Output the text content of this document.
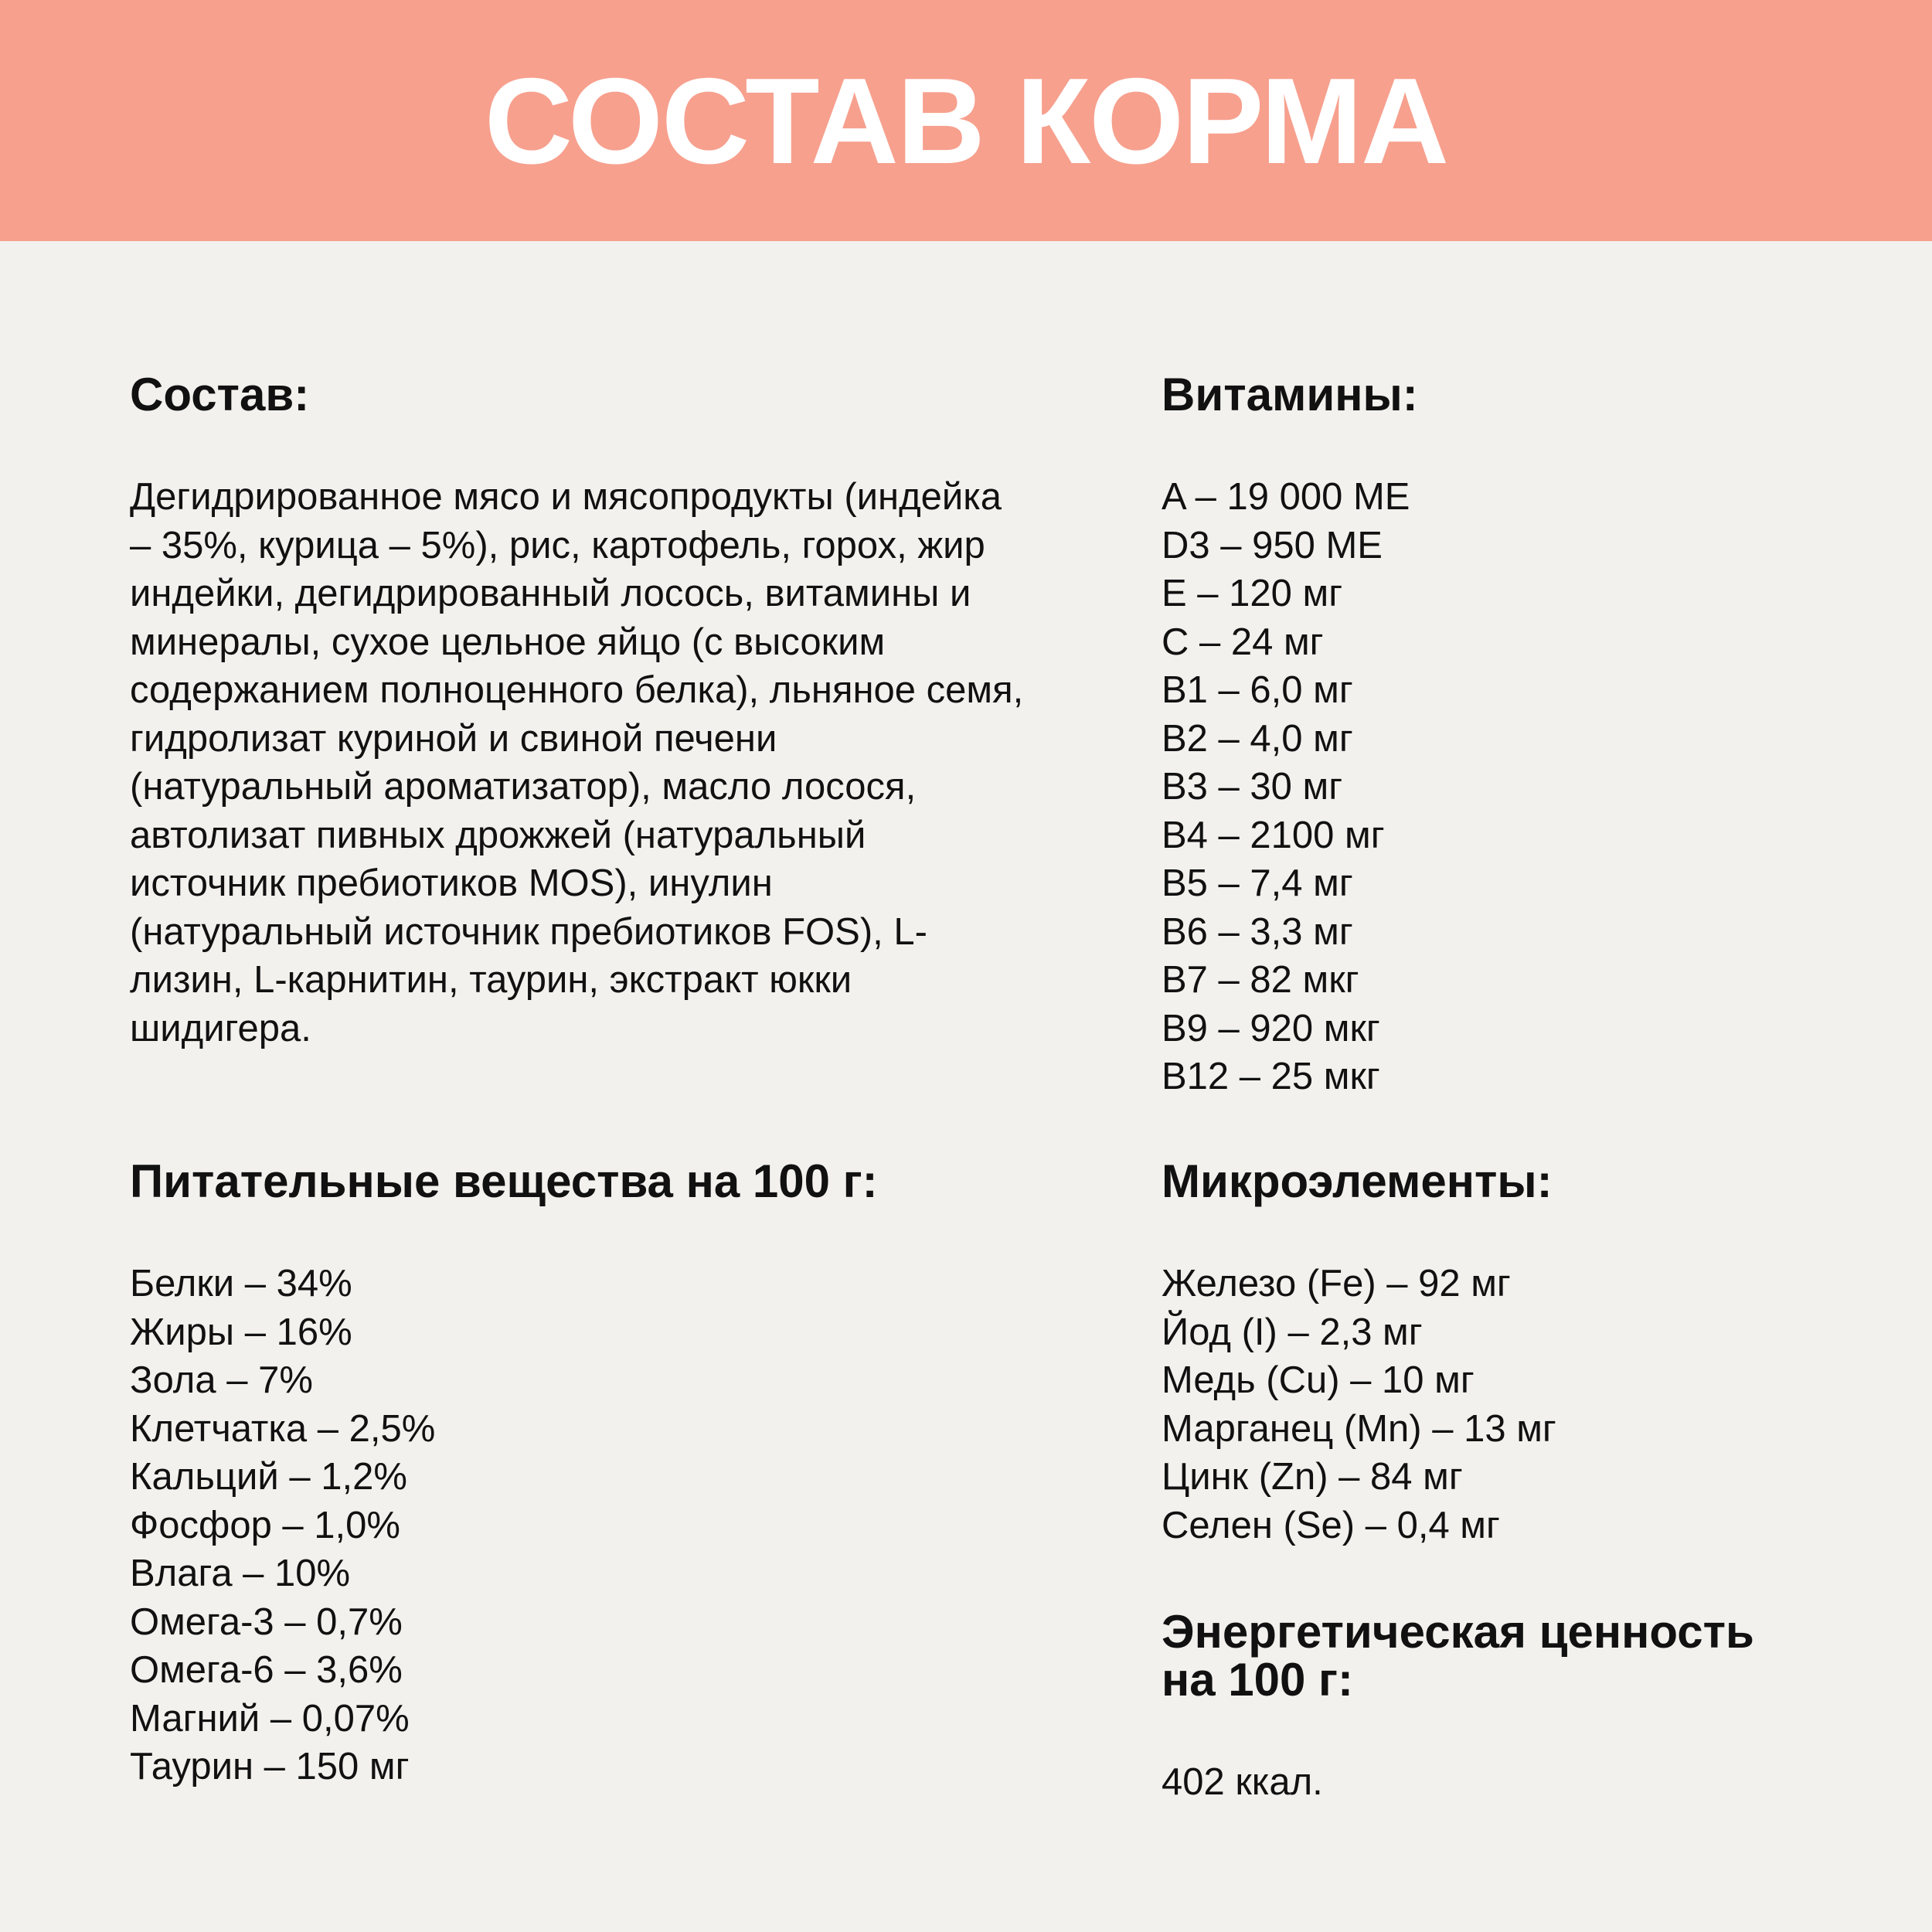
СОСТАВ КОРМА
Состав:

Дегидрированное мясо и мясопродукты (индейка – 35%, курица – 5%), рис, картофель, горох, жир индейки, дегидрированный лосось, витамины и минералы, сухое цельное яйцо (с высоким содержанием полноценного белка), льняное семя, гидролизат куриной и свиной печени (натуральный ароматизатор), масло лосося, автолизат пивных дрожжей (натуральный источник пребиотиков MOS), инулин (натуральный источник пребиотиков FOS), L-лизин, L-карнитин, таурин, экстракт юкки шидигера.

Витамины:
A – 19 000 МЕ
D3 – 950 МЕ
E – 120 мг
C – 24 мг
B1 – 6,0 мг
B2 – 4,0 мг
B3 – 30 мг
B4 – 2100 мг
B5 – 7,4 мг
B6 – 3,3 мг
B7 – 82 мкг
B9 – 920 мкг
B12 – 25 мкг
Питательные вещества на 100 г:
Белки – 34%
Жиры – 16%
Зола – 7%
Клетчатка – 2,5%
Кальций – 1,2%
Фосфор – 1,0%
Влага – 10%
Омега-3 – 0,7%
Омега-6 – 3,6%
Магний – 0,07%
Таурин – 150 мг
Микроэлементы:
Железо (Fe) – 92 мг
Йод (I) – 2,3 мг
Медь (Cu) – 10 мг
Марганец (Mn) – 13 мг
Цинк (Zn) – 84 мг
Селен (Se) – 0,4 мг
Энергетическая ценность
на 100 г:

402 ккал.
